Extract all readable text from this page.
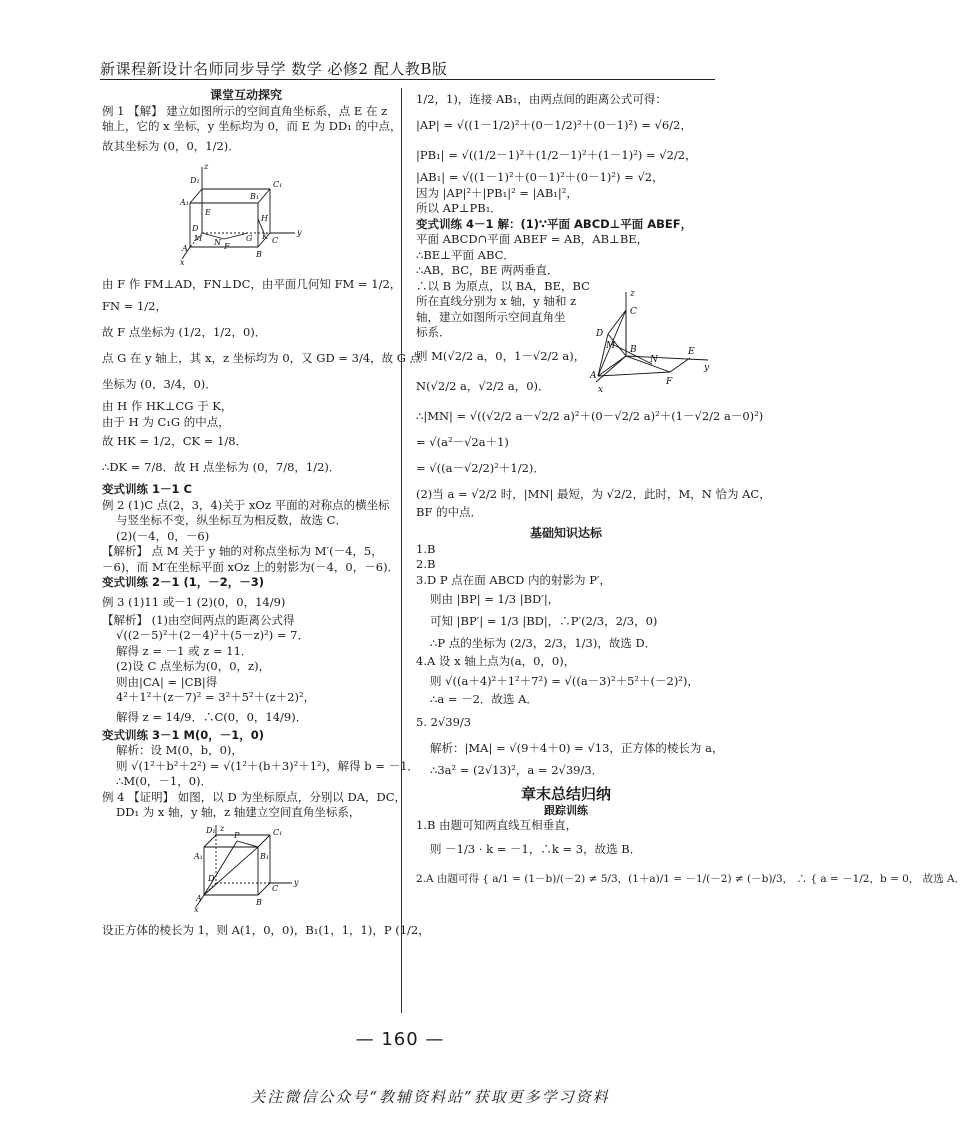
新课程新设计名师同步导学 数学 必修2 配人教B版
课堂互动探究
例 1 【解】 建立如图所示的空间直角坐标系，点 E 在 z
轴上，它的 x 坐标，y 坐标均为 0，而 E 为 DD₁ 的中点，
故其坐标为 (0，0，1/2)．
D₁
z
C₁
A₁
B₁
E
H
D
M	K
A
N F
G C
y
x
B
由 F 作 FM⊥AD，FN⊥DC，由平面几何知 FM = 1/2，
FN = 1/2，
故 F 点坐标为 (1/2，1/2，0)．
点 G 在 y 轴上，其 x，z 坐标均为 0，又 GD = 3/4，故 G 点
坐标为 (0，3/4，0)．
由 H 作 HK⊥CG 于 K，
由于 H 为 C₁G 的中点，
故 HK = 1/2，CK = 1/8．
∴DK = 7/8．故 H 点坐标为 (0，7/8，1/2)．
变式训练 1－1 C
例 2 (1)C 点(2，3，4)关于 xOz 平面的对称点的横坐标
与竖坐标不变，纵坐标互为相反数，故选 C．
(2)(－4，0，－6)
【解析】 点 M 关于 y 轴的对称点坐标为 M′(－4，5，
－6)，而 M′在坐标平面 xOz 上的射影为(－4，0，－6)．
变式训练 2－1 (1，－2，－3)
例 3 (1)11 或－1 (2)(0，0，14/9)
【解析】 (1)由空间两点的距离公式得
√((2－5)²＋(2－4)²＋(5－z)²) = 7．
解得 z = －1 或 z = 11．
(2)设 C 点坐标为(0，0，z)，
则由|CA| = |CB|得
4²＋1²＋(z－7)² = 3²＋5²＋(z＋2)²，
解得 z = 14/9．∴C(0，0，14/9)．
变式训练 3－1 M(0，－1，0)
解析：设 M(0，b，0)，
则 √(1²＋b²＋2²) = √(1²＋(b＋3)²＋1²)，解得 b = －1．
∴M(0，－1，0)．
例 4 【证明】 如图，以 D 为坐标原点，分别以 DA，DC，
DD₁ 为 x 轴，y 轴，z 轴建立空间直角坐标系，
D₁ z	C₁
A₁	B₁
P
D
C
y
A	B
x
设正方体的棱长为 1，则 A(1，0，0)，B₁(1，1，1)，P (1/2，
1/2，1)，连接 AB₁，由两点间的距离公式可得：
|AP| = √((1－1/2)²＋(0－1/2)²＋(0－1)²) = √6/2，
|PB₁| = √((1/2－1)²＋(1/2－1)²＋(1－1)²) = √2/2，
|AB₁| = √((1－1)²＋(0－1)²＋(0－1)²) = √2，
因为 |AP|²＋|PB₁|² = |AB₁|²，
所以 AP⊥PB₁．
变式训练 4－1 解：(1)∵平面 ABCD⊥平面 ABEF，
平面 ABCD∩平面 ABEF = AB，AB⊥BE，
∴BE⊥平面 ABC．
∴AB，BC，BE 两两垂直．
∴以 B 为原点，以 BA，BE，BC
所在直线分别为 x 轴，y 轴和 z
轴，建立如图所示空间直角坐
标系．
则 M(√2/2 a，0，1－√2/2 a)，
N(√2/2 a，√2/2 a，0)．
∴|MN| = √((√2/2 a－√2/2 a)²＋(0－√2/2 a)²＋(1－√2/2 a－0)²)
= √(a²－√2a＋1)
= √((a－√2/2)²＋1/2)．
(2)当 a = √2/2 时，|MN| 最短，为 √2/2，此时，M，N 恰为 AC，
BF 的中点．
基础知识达标
1.B
2.B
3.D P 点在面 ABCD 内的射影为 P′，
则由 |BP| = 1/3 |BD′|，
可知 |BP′| = 1/3 |BD|，∴P′(2/3，2/3，0)
∴P 点的坐标为 (2/3，2/3，1/3)，故选 D．
4.A 设 x 轴上点为(a，0，0)，
则 √((a＋4)²＋1²＋7²) = √((a－3)²＋5²＋(－2)²)，
∴a = －2．故选 A．
5. 2√39/3
解析：|MA| = √(9＋4＋0) = √13，正方体的棱长为 a，
∴3a² = (2√13)²，a = 2√39/3．
章末总结归纳
跟踪训练
1.B 由题可知两直线互相垂直，
则 －1/3 · k = －1，∴k = 3，故选 B．
2.A 由题可得 { a/1 = (1－b)/(－2) ≠ 5/3，(1＋a)/1 = －1/(－2) ≠ (－b)/3， ∴ { a = －1/2，b = 0， 故选 A．
z
C
D
M B
N
E
y
A
F
x
— 160 —
关注微信公众号“教辅资料站”获取更多学习资料
